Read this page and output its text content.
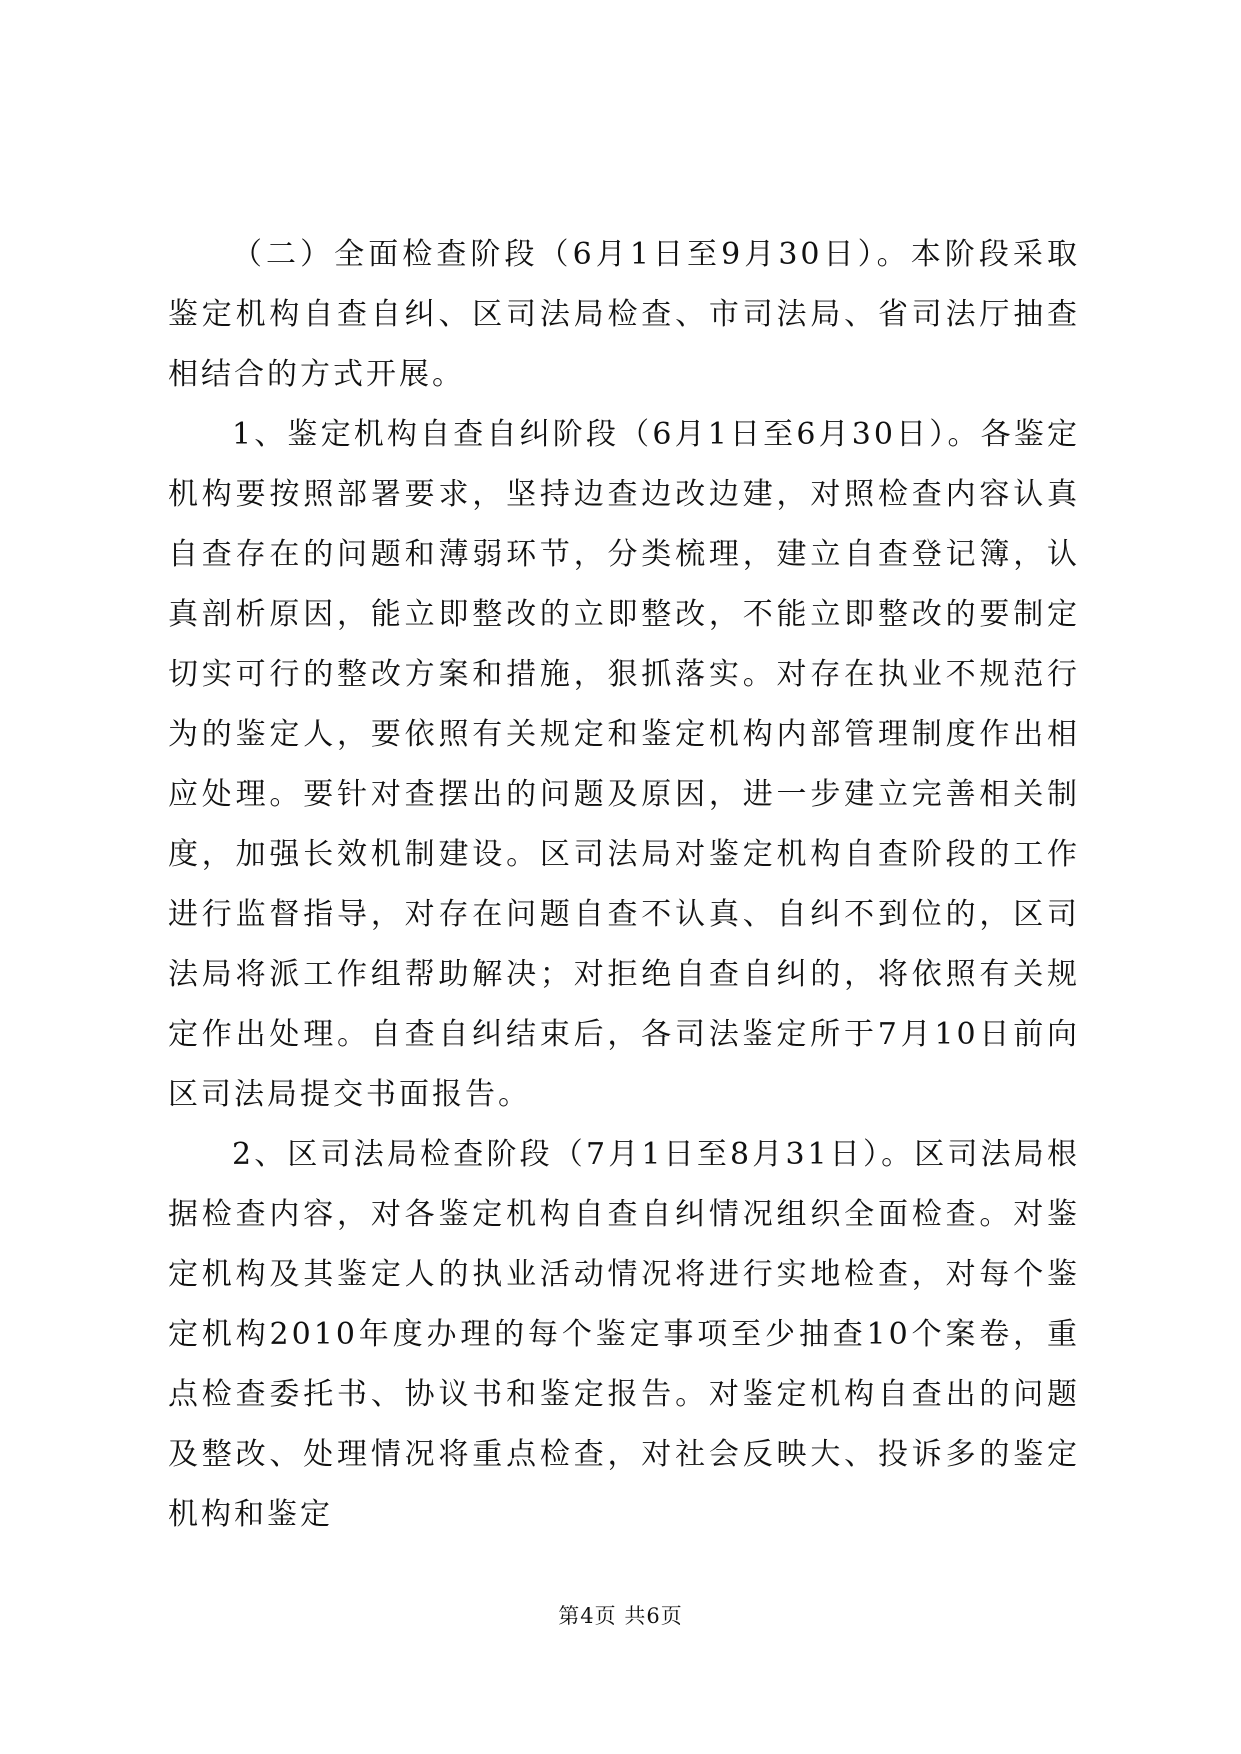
（二）全面检查阶段（6月1日至9月30日）。本阶段采取鉴定机构自查自纠、区司法局检查、市司法局、省司法厅抽查相结合的方式开展。

1、鉴定机构自查自纠阶段（6月1日至6月30日）。各鉴定机构要按照部署要求，坚持边查边改边建，对照检查内容认真自查存在的问题和薄弱环节，分类梳理，建立自查登记簿，认真剖析原因，能立即整改的立即整改，不能立即整改的要制定切实可行的整改方案和措施，狠抓落实。对存在执业不规范行为的鉴定人，要依照有关规定和鉴定机构内部管理制度作出相应处理。要针对查摆出的问题及原因，进一步建立完善相关制度，加强长效机制建设。区司法局对鉴定机构自查阶段的工作进行监督指导，对存在问题自查不认真、自纠不到位的，区司法局将派工作组帮助解决；对拒绝自查自纠的，将依照有关规定作出处理。自查自纠结束后，各司法鉴定所于7月10日前向区司法局提交书面报告。

2、区司法局检查阶段（7月1日至8月31日）。区司法局根据检查内容，对各鉴定机构自查自纠情况组织全面检查。对鉴定机构及其鉴定人的执业活动情况将进行实地检查，对每个鉴定机构2010年度办理的每个鉴定事项至少抽查10个案卷，重点检查委托书、协议书和鉴定报告。对鉴定机构自查出的问题及整改、处理情况将重点检查，对社会反映大、投诉多的鉴定机构和鉴定

第4页 共6页
